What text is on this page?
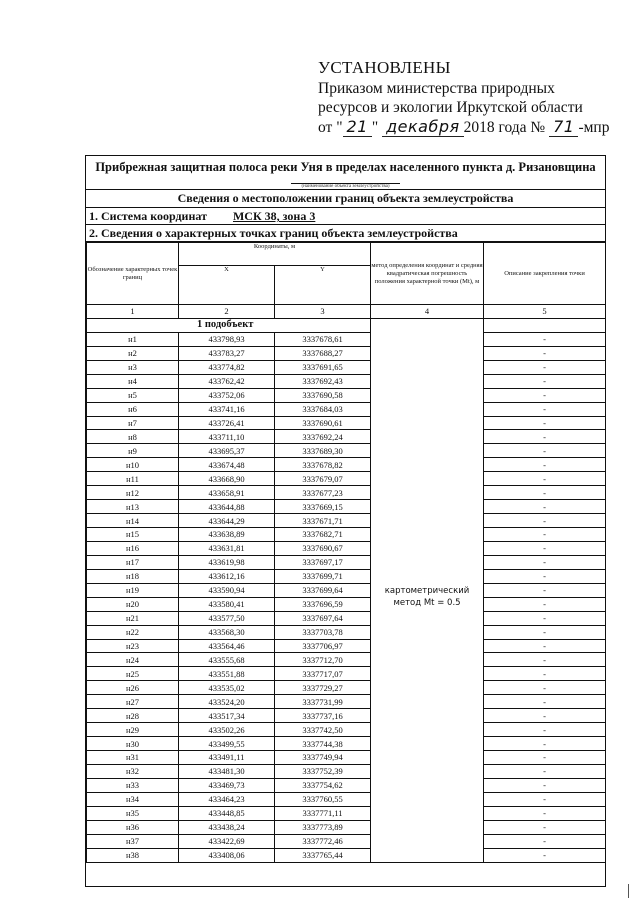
УСТАНОВЛЕНЫ
Приказом министерства природных
ресурсов и экологии Иркутской области
от " 21 " декабря 2018 года № 71 -мпр
Прибрежная защитная полоса реки Уня в пределах населенного пункта д. Ризановщина
(наименование объекта землеустройства)
Сведения о местоположении границ объекта землеустройства
1. Система координат МСК 38, зона 3
2. Сведения о характерных точках границ объекта землеустройства
Обозначение характерных точек границ	Координаты, м		метод определения координат и средняя квадратическая погрешность положения характерной точки (Mt), м	Описание закрепления точки
	X	Y		
1	2	3	4	5
1 подобъект				
н1	433798,93	3337678,61	картометрический метод Mt = 0.5	-
н2	433783,27	3337688,27		-
н3	433774,82	3337691,65		-
н4	433762,42	3337692,43		-
н5	433752,06	3337690,58		-
н6	433741,16	3337684,03		-
н7	433726,41	3337690,61		-
н8	433711,10	3337692,24		-
н9	433695,37	3337689,30		-
н10	433674,48	3337678,82		-
н11	433668,90	3337679,07		-
н12	433658,91	3337677,23		-
н13	433644,88	3337669,15		-
н14	433644,29	3337671,71		-
н15	433638,89	3337682,71		-
н16	433631,81	3337690,67		-
н17	433619,98	3337697,17		-
н18	433612,16	3337699,71		-
н19	433590,94	3337699,64		-
н20	433580,41	3337696,59		-
н21	433577,50	3337697,64		-
н22	433568,30	3337703,78		-
н23	433564,46	3337706,97		-
н24	433555,68	3337712,70		-
н25	433551,88	3337717,07		-
н26	433535,02	3337729,27		-
н27	433524,20	3337731,99		-
н28	433517,34	3337737,16		-
н29	433502,26	3337742,50		-
н30	433499,55	3337744,38		-
н31	433491,11	3337749,94		-
н32	433481,30	3337752,39		-
н33	433469,73	3337754,62		-
н34	433464,23	3337760,55		-
н35	433448,85	3337771,11		-
н36	433438,24	3337773,89		-
н37	433422,69	3337772,46		-
н38	433408,06	3337765,44		-
